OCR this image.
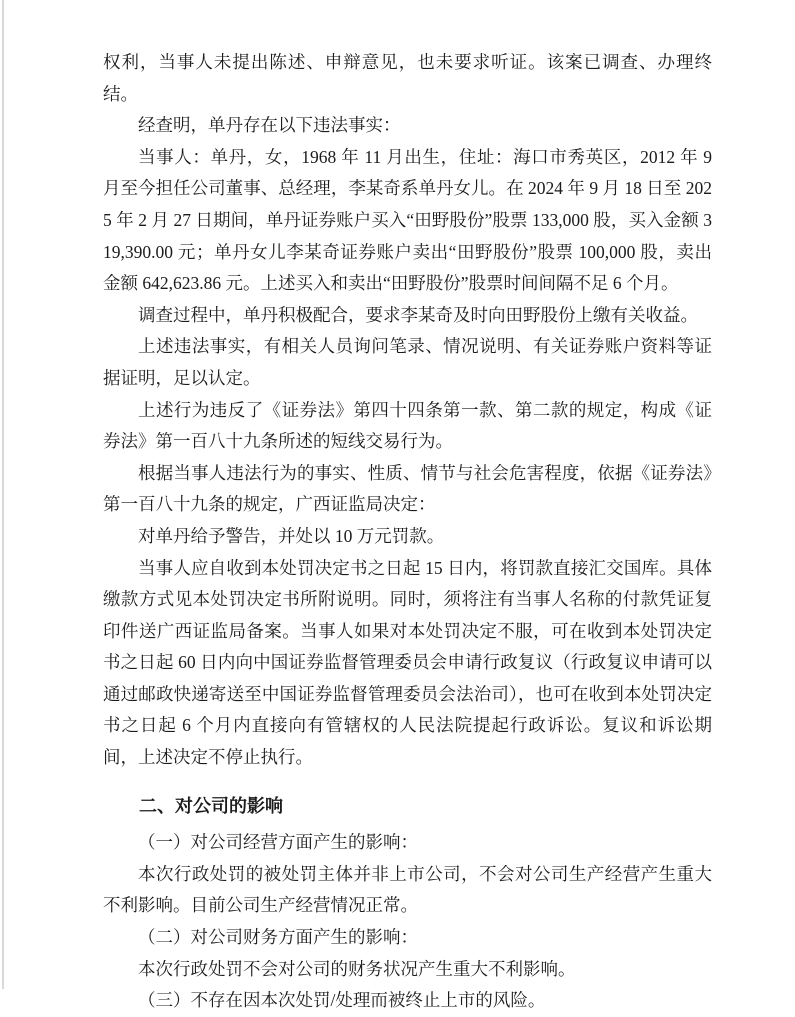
权利，当事人未提出陈述、申辩意见，也未要求听证。该案已调查、办理终结。

经查明，单丹存在以下违法事实：

当事人：单丹，女，1968 年 11 月出生，住址：海口市秀英区，2012 年 9 月至今担任公司董事、总经理，李某奇系单丹女儿。在 2024 年 9 月 18 日至 2025 年 2 月 27 日期间，单丹证券账户买入“田野股份”股票 133,000 股，买入金额 319,390.00 元；单丹女儿李某奇证券账户卖出“田野股份”股票 100,000 股，卖出金额 642,623.86 元。上述买入和卖出“田野股份”股票时间间隔不足 6 个月。

调查过程中，单丹积极配合，要求李某奇及时向田野股份上缴有关收益。

上述违法事实，有相关人员询问笔录、情况说明、有关证券账户资料等证据证明，足以认定。

上述行为违反了《证券法》第四十四条第一款、第二款的规定，构成《证券法》第一百八十九条所述的短线交易行为。

根据当事人违法行为的事实、性质、情节与社会危害程度，依据《证券法》第一百八十九条的规定，广西证监局决定：

对单丹给予警告，并处以 10 万元罚款。

当事人应自收到本处罚决定书之日起 15 日内，将罚款直接汇交国库。具体缴款方式见本处罚决定书所附说明。同时，须将注有当事人名称的付款凭证复印件送广西证监局备案。当事人如果对本处罚决定不服，可在收到本处罚决定书之日起 60 日内向中国证券监督管理委员会申请行政复议（行政复议申请可以通过邮政快递寄送至中国证券监督管理委员会法治司），也可在收到本处罚决定书之日起 6 个月内直接向有管辖权的人民法院提起行政诉讼。复议和诉讼期间，上述决定不停止执行。

二、对公司的影响

（一）对公司经营方面产生的影响：

本次行政处罚的被处罚主体并非上市公司，不会对公司生产经营产生重大不利影响。目前公司生产经营情况正常。

（二）对公司财务方面产生的影响：

本次行政处罚不会对公司的财务状况产生重大不利影响。

（三）不存在因本次处罚/处理而被终止上市的风险。
